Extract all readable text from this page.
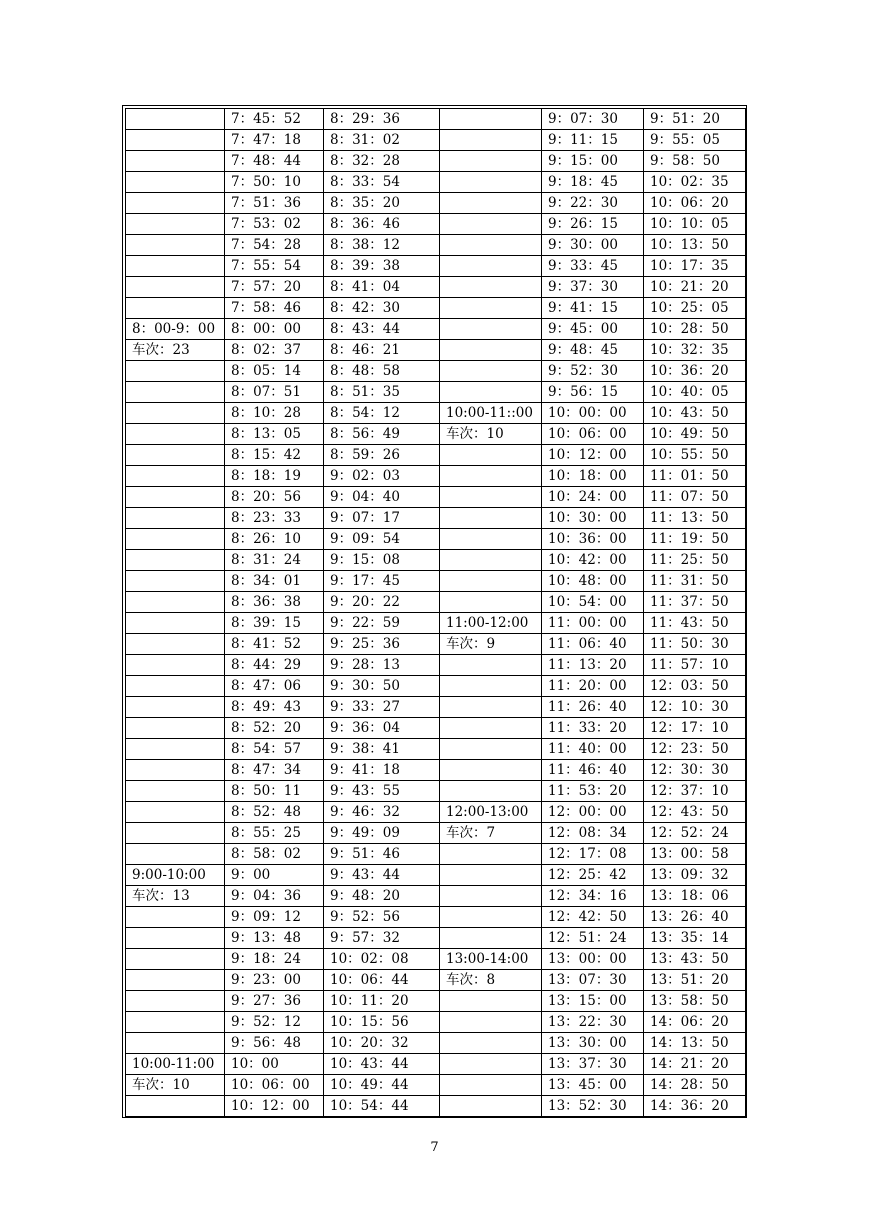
	7：45：52	8：29：36		9：07：30	9：51：20
	7：47：18	8：31：02		9：11：15	9：55：05
	7：48：44	8：32：28		9：15：00	9：58：50
	7：50：10	8：33：54		9：18：45	10：02：35
	7：51：36	8：35：20		9：22：30	10：06：20
	7：53：02	8：36：46		9：26：15	10：10：05
	7：54：28	8：38：12		9：30：00	10：13：50
	7：55：54	8：39：38		9：33：45	10：17：35
	7：57：20	8：41：04		9：37：30	10：21：20
	7：58：46	8：42：30		9：41：15	10：25：05
8：00-9：00	8：00：00	8：43：44		9：45：00	10：28：50
车次：23	8：02：37	8：46：21		9：48：45	10：32：35
	8：05：14	8：48：58		9：52：30	10：36：20
	8：07：51	8：51：35		9：56：15	10：40：05
	8：10：28	8：54：12	10:00-11::00	10：00：00	10：43：50
	8：13：05	8：56：49	车次：10	10：06：00	10：49：50
	8：15：42	8：59：26		10：12：00	10：55：50
	8：18：19	9：02：03		10：18：00	11：01：50
	8：20：56	9：04：40		10：24：00	11：07：50
	8：23：33	9：07：17		10：30：00	11：13：50
	8：26：10	9：09：54		10：36：00	11：19：50
	8：31：24	9：15：08		10：42：00	11：25：50
	8：34：01	9：17：45		10：48：00	11：31：50
	8：36：38	9：20：22		10：54：00	11：37：50
	8：39：15	9：22：59	11:00-12:00	11：00：00	11：43：50
	8：41：52	9：25：36	车次：9	11：06：40	11：50：30
	8：44：29	9：28：13		11：13：20	11：57：10
	8：47：06	9：30：50		11：20：00	12：03：50
	8：49：43	9：33：27		11：26：40	12：10：30
	8：52：20	9：36：04		11：33：20	12：17：10
	8：54：57	9：38：41		11：40：00	12：23：50
	8：47：34	9：41：18		11：46：40	12：30：30
	8：50：11	9：43：55		11：53：20	12：37：10
	8：52：48	9：46：32	12:00-13:00	12：00：00	12：43：50
	8：55：25	9：49：09	车次：7	12：08：34	12：52：24
	8：58：02	9：51：46		12：17：08	13：00：58
9:00-10:00	9：00	9：43：44		12：25：42	13：09：32
车次：13	9：04：36	9：48：20		12：34：16	13：18：06
	9：09：12	9：52：56		12：42：50	13：26：40
	9：13：48	9：57：32		12：51：24	13：35：14
	9：18：24	10：02：08	13:00-14:00	13：00：00	13：43：50
	9：23：00	10：06：44	车次：8	13：07：30	13：51：20
	9：27：36	10：11：20		13：15：00	13：58：50
	9：52：12	10：15：56		13：22：30	14：06：20
	9：56：48	10：20：32		13：30：00	14：13：50
10:00-11:00	10：00	10：43：44		13：37：30	14：21：20
车次：10	10：06：00	10：49：44		13：45：00	14：28：50
	10：12：00	10：54：44		13：52：30	14：36：20
7
